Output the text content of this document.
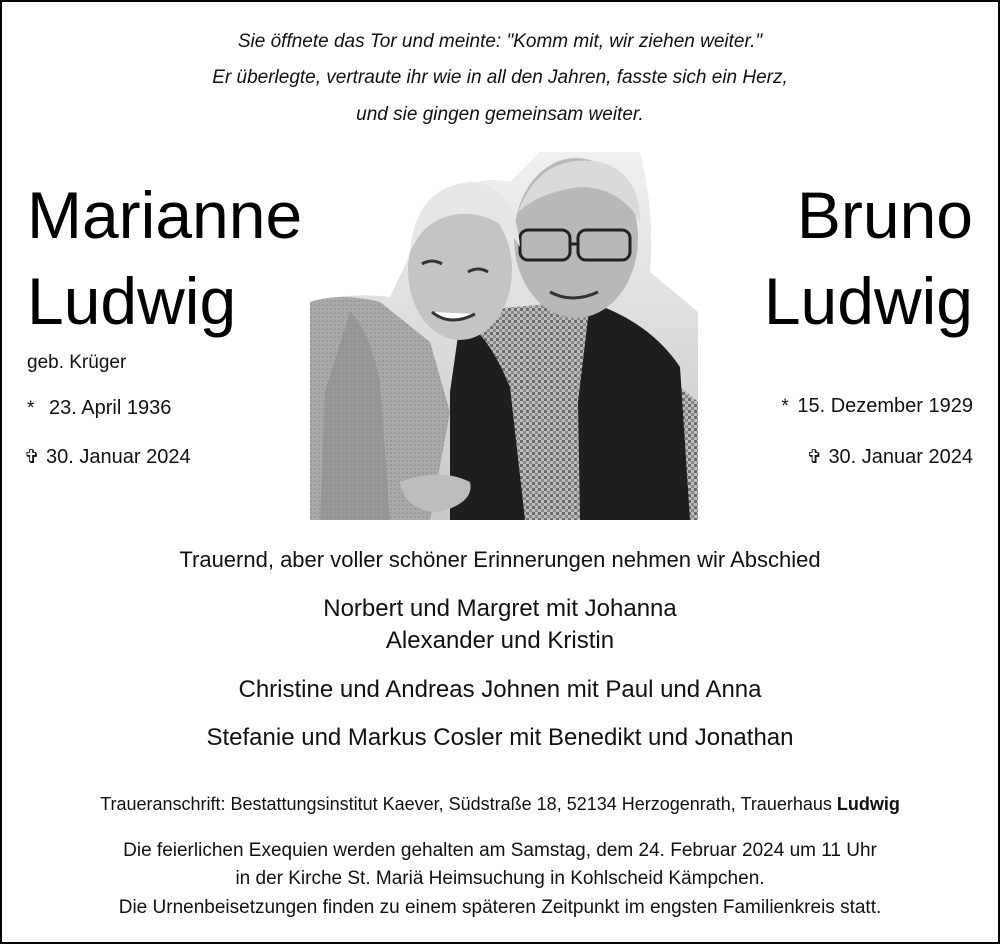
Sie öffnete das Tor und meinte: "Komm mit, wir ziehen weiter."
Er überlegte, vertraute ihr wie in all den Jahren, fasste sich ein Herz,
und sie gingen gemeinsam weiter.
Marianne
Ludwig
geb. Krüger
* 23. April 1936
✞ 30. Januar 2024
Bruno
Ludwig
* 15. Dezember 1929
✞ 30. Januar 2024
Trauernd, aber voller schöner Erinnerungen nehmen wir Abschied
Norbert und Margret mit Johanna
Alexander und Kristin
Christine und Andreas Johnen mit Paul und Anna
Stefanie und Markus Cosler mit Benedikt und Jonathan
Traueranschrift: Bestattungsinstitut Kaever, Südstraße 18, 52134 Herzogenrath, Trauerhaus Ludwig
Die feierlichen Exequien werden gehalten am Samstag, dem 24. Februar 2024 um 11 Uhr
in der Kirche St. Mariä Heimsuchung in Kohlscheid Kämpchen.
Die Urnenbeisetzungen finden zu einem späteren Zeitpunkt im engsten Familienkreis statt.
